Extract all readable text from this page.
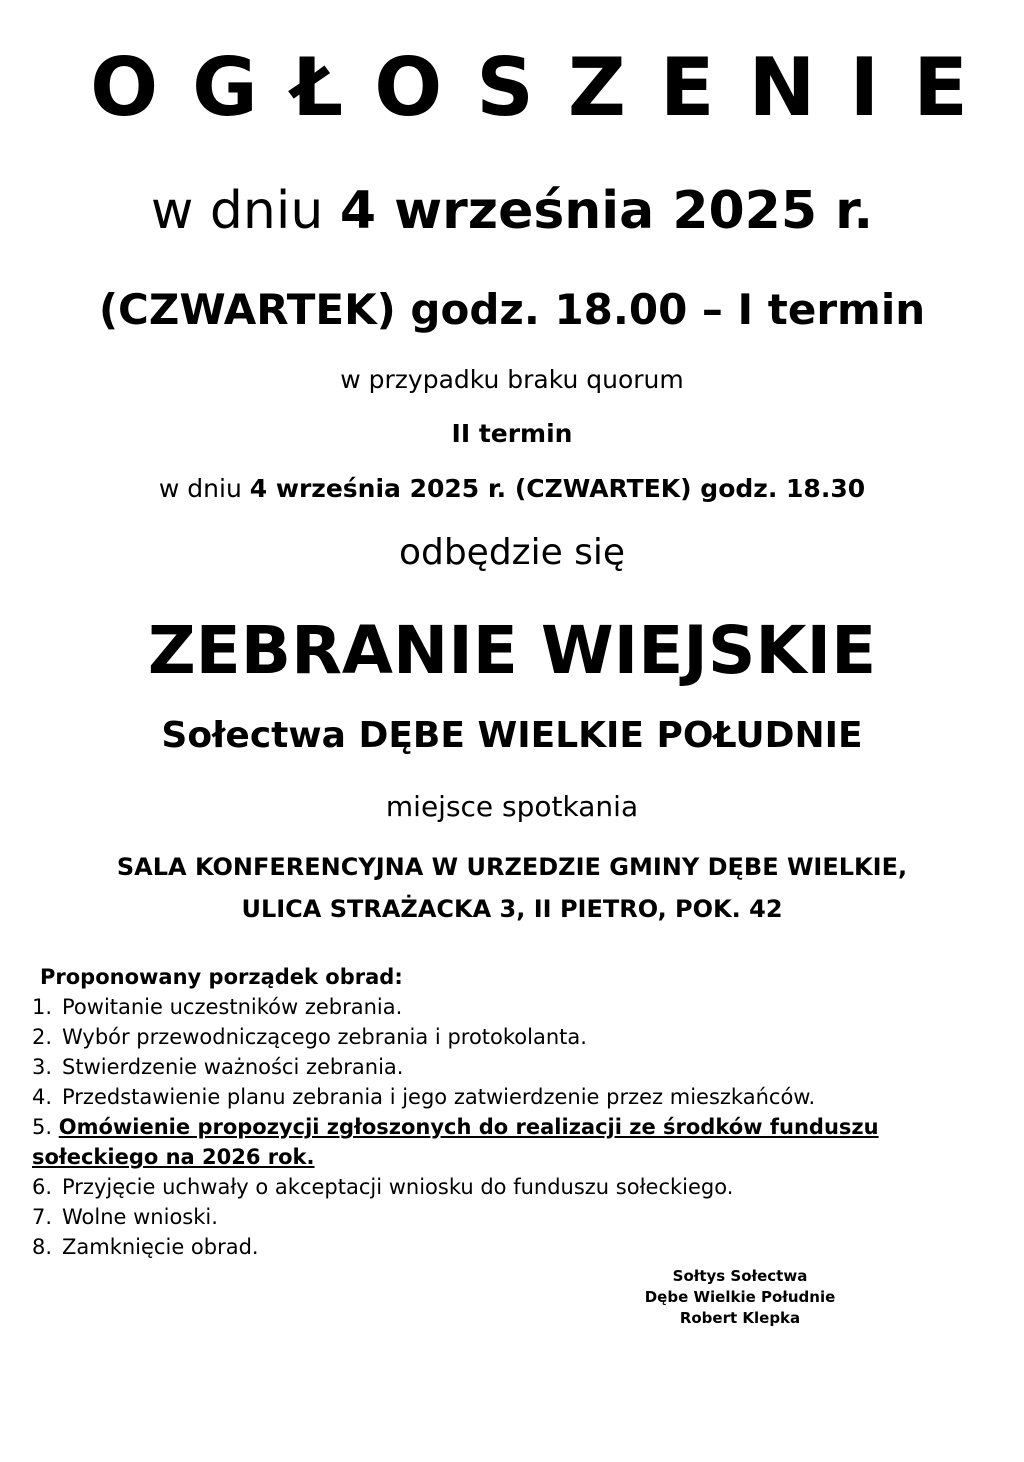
OGŁOSZENIE
w dniu 4 września 2025 r.
(CZWARTEK) godz. 18.00 – I termin
w przypadku braku quorum
II termin
w dniu 4 września 2025 r. (CZWARTEK) godz. 18.30
odbędzie się
ZEBRANIE WIEJSKIE
Sołectwa DĘBE WIELKIE POŁUDNIE
miejsce spotkania
SALA KONFERENCYJNA W URZEDZIE GMINY DĘBE WIELKIE,
ULICA STRAŻACKA 3, II PIETRO, POK. 42
Proponowany porządek obrad:
1. Powitanie uczestników zebrania.
2. Wybór przewodniczącego zebrania i protokolanta.
3. Stwierdzenie ważności zebrania.
4. Przedstawienie planu zebrania i jego zatwierdzenie przez mieszkańców.
5. Omówienie propozycji zgłoszonych do realizacji ze środków funduszu sołeckiego na 2026 rok.
6. Przyjęcie uchwały o akceptacji wniosku do funduszu sołeckiego.
7. Wolne wnioski.
8. Zamknięcie obrad.
Sołtys Sołectwa
Dębe Wielkie Południe
Robert Klepka
